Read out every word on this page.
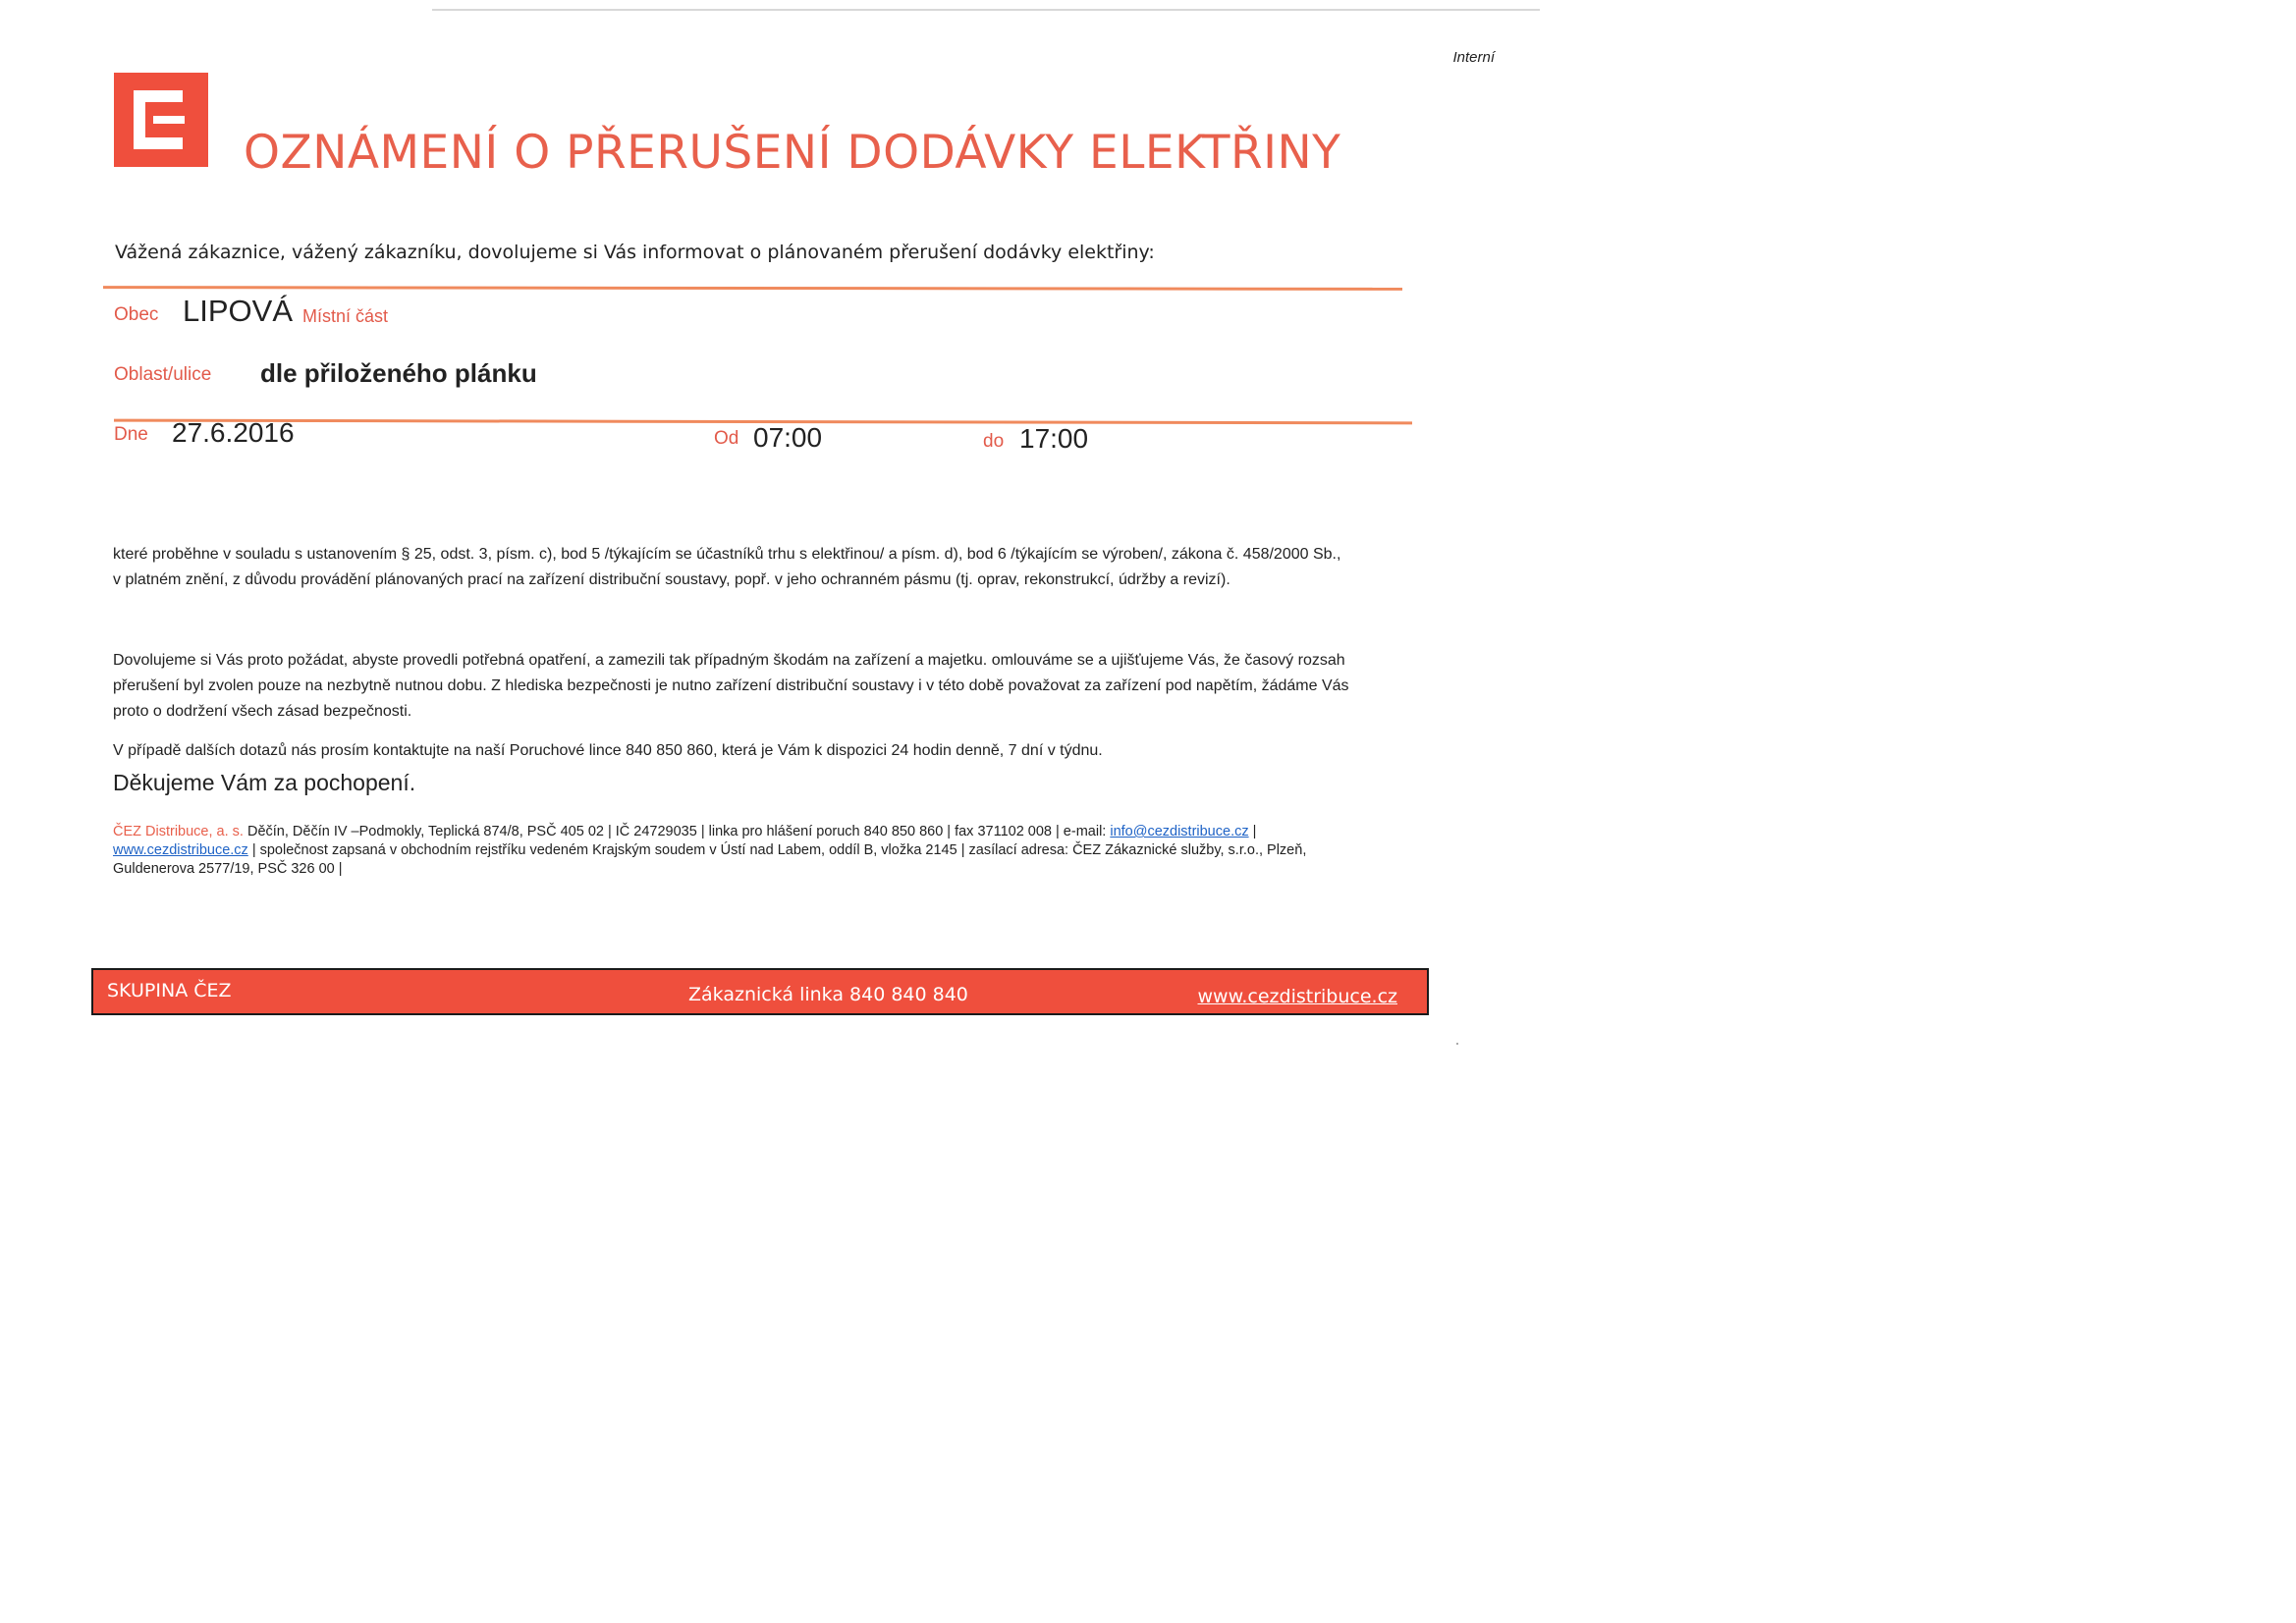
Interní
OZNÁMENÍ O PŘERUŠENÍ DODÁVKY ELEKTŘINY
Vážená zákaznice, vážený zákazníku, dovolujeme si Vás informovat o plánovaném přerušení dodávky elektřiny:
Obec LIPOVÁ Místní část
Oblast/ulice dle přiloženého plánku
Dne 27.6.2016	Od 07:00	do 17:00
které proběhne v souladu s ustanovením § 25, odst. 3, písm. c), bod 5 /týkajícím se účastníků trhu s elektřinou/ a písm. d), bod 6 /týkajícím se výroben/, zákona č. 458/2000 Sb., v platném znění, z důvodu provádění plánovaných prací na zařízení distribuční soustavy, popř. v jeho ochranném pásmu (tj. oprav, rekonstrukcí, údržby a revizí).
Dovolujeme si Vás proto požádat, abyste provedli potřebná opatření, a zamezili tak případným škodám na zařízení a majetku. omlouváme se a ujišťujeme Vás, že časový rozsah přerušení byl zvolen pouze na nezbytně nutnou dobu. Z hlediska bezpečnosti je nutno zařízení distribuční soustavy i v této době považovat za zařízení pod napětím, žádáme Vás proto o dodržení všech zásad bezpečnosti.
V případě dalších dotazů nás prosím kontaktujte na naší Poruchové lince 840 850 860, která je Vám k dispozici 24 hodin denně, 7 dní v týdnu.
Děkujeme Vám za pochopení.
ČEZ Distribuce, a. s. Děčín, Děčín IV –Podmokly, Teplická 874/8, PSČ 405 02 | IČ 24729035 | linka pro hlášení poruch 840 850 860 | fax 371102 008 | e-mail: info@cezdistribuce.cz | www.cezdistribuce.cz | společnost zapsaná v obchodním rejstříku vedeném Krajským soudem v Ústí nad Labem, oddíl B, vložka 2145 | zasílací adresa: ČEZ Zákaznické služby, s.r.o., Plzeň, Guldenerova 2577/19, PSČ 326 00 |
SKUPINA ČEZ	Zákaznická linka 840 840 840	www.cezdistribuce.cz
